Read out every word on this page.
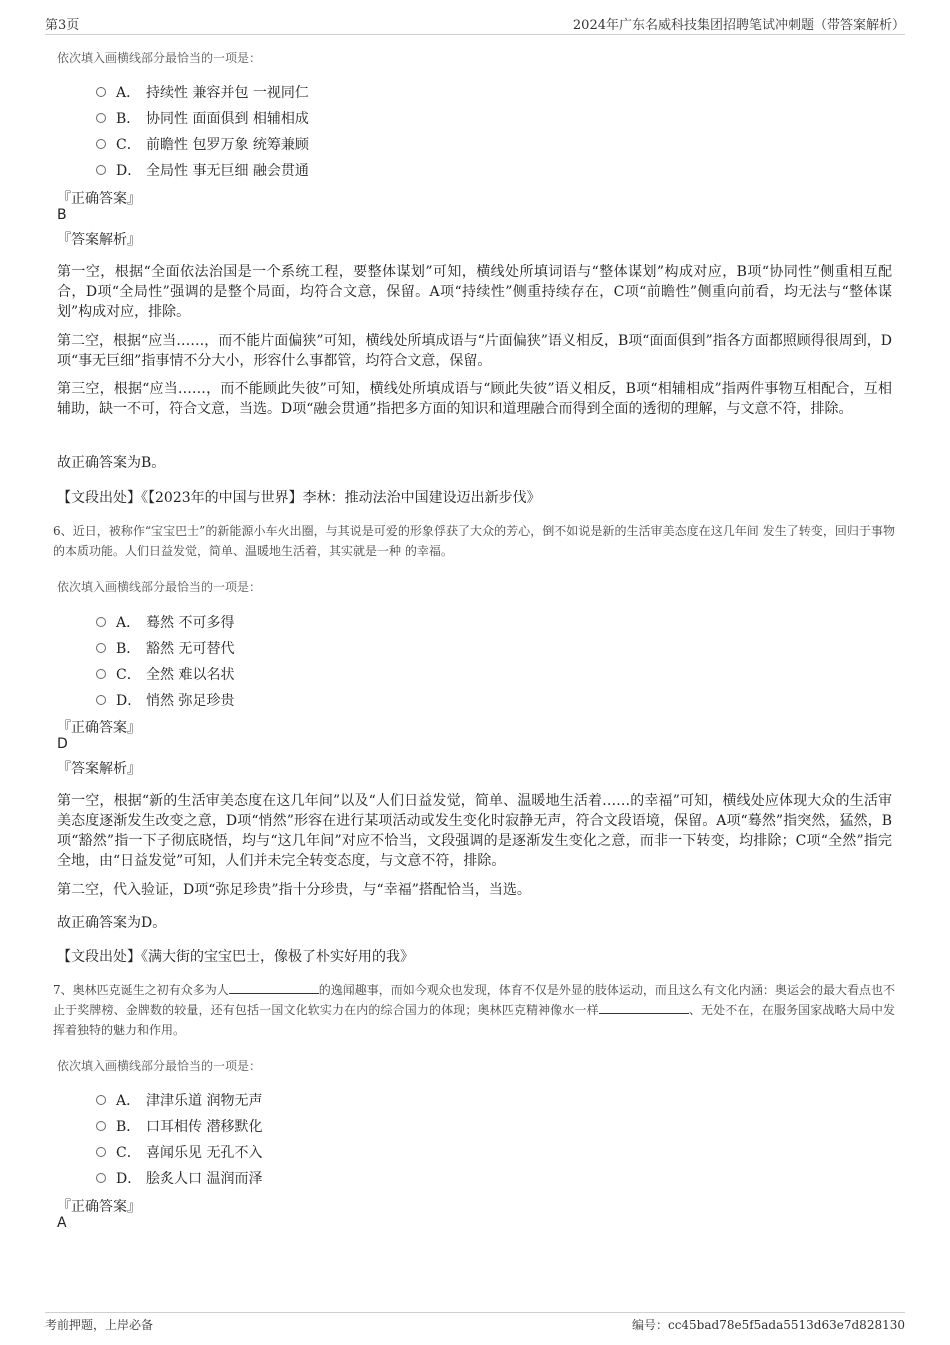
第3页	2024年广东名威科技集团招聘笔试冲刺题（带答案解析）
依次填入画横线部分最恰当的一项是：
A． 持续性 兼容并包 一视同仁
B． 协同性 面面俱到 相辅相成
C． 前瞻性 包罗万象 统筹兼顾
D． 全局性 事无巨细 融会贯通
『正确答案』
B
『答案解析』
第一空，根据“全面依法治国是一个系统工程，要整体谋划”可知，横线处所填词语与“整体谋划”构成对应，B项“协同性”侧重相互配合，D项“全局性”强调的是整个局面，均符合文意，保留。A项“持续性”侧重持续存在，C项“前瞻性”侧重向前看，均无法与“整体谋划”构成对应，排除。
第二空，根据“应当……，而不能片面偏狭”可知，横线处所填成语与“片面偏狭”语义相反，B项“面面俱到”指各方面都照顾得很周到，D项“事无巨细”指事情不分大小，形容什么事都管，均符合文意，保留。
第三空，根据“应当……，而不能顾此失彼”可知，横线处所填成语与“顾此失彼”语义相反，B项“相辅相成”指两件事物互相配合，互相辅助，缺一不可，符合文意，当选。D项“融会贯通”指把多方面的知识和道理融合而得到全面的透彻的理解，与文意不符，排除。
故正确答案为B。
【文段出处】《【2023年的中国与世界】李林：推动法治中国建设迈出新步伐》
6、近日，被称作“宝宝巴士”的新能源小车火出圈，与其说是可爱的形象俘获了大众的芳心，倒不如说是新的生活审美态度在这几年间 发生了转变，回归于事物的本质功能。人们日益发觉，简单、温暖地生活着，其实就是一种 的幸福。
依次填入画横线部分最恰当的一项是：
A． 蓦然 不可多得
B． 豁然 无可替代
C． 全然 难以名状
D． 悄然 弥足珍贵
『正确答案』
D
『答案解析』
第一空，根据“新的生活审美态度在这几年间”以及“人们日益发觉，简单、温暖地生活着……的幸福”可知，横线处应体现大众的生活审美态度逐渐发生改变之意，D项“悄然”形容在进行某项活动或发生变化时寂静无声，符合文段语境，保留。A项“蓦然”指突然，猛然，B项“豁然”指一下子彻底晓悟，均与“这几年间”对应不恰当，文段强调的是逐渐发生变化之意，而非一下转变，均排除；C项“全然”指完全地，由“日益发觉”可知，人们并未完全转变态度，与文意不符，排除。
第二空，代入验证，D项“弥足珍贵”指十分珍贵，与“幸福”搭配恰当，当选。
故正确答案为D。
【文段出处】《满大街的宝宝巴士，像极了朴实好用的我》
7、奥林匹克诞生之初有众多为人	的逸闻趣事，而如今观众也发现，体育不仅是外显的肢体运动，而且这么有文化内涵：奥运会的最大看点也不止于奖牌榜、金牌数的较量，还有包括一国文化软实力在内的综合国力的体现；奥林匹克精神像水一样	、无处不在，在服务国家战略大局中发挥着独特的魅力和作用。
依次填入画横线部分最恰当的一项是：
A． 津津乐道 润物无声
B． 口耳相传 潜移默化
C． 喜闻乐见 无孔不入
D． 脍炙人口 温润而泽
『正确答案』
A
考前押题，上岸必备	编号：cc45bad78e5f5ada5513d63e7d828130
